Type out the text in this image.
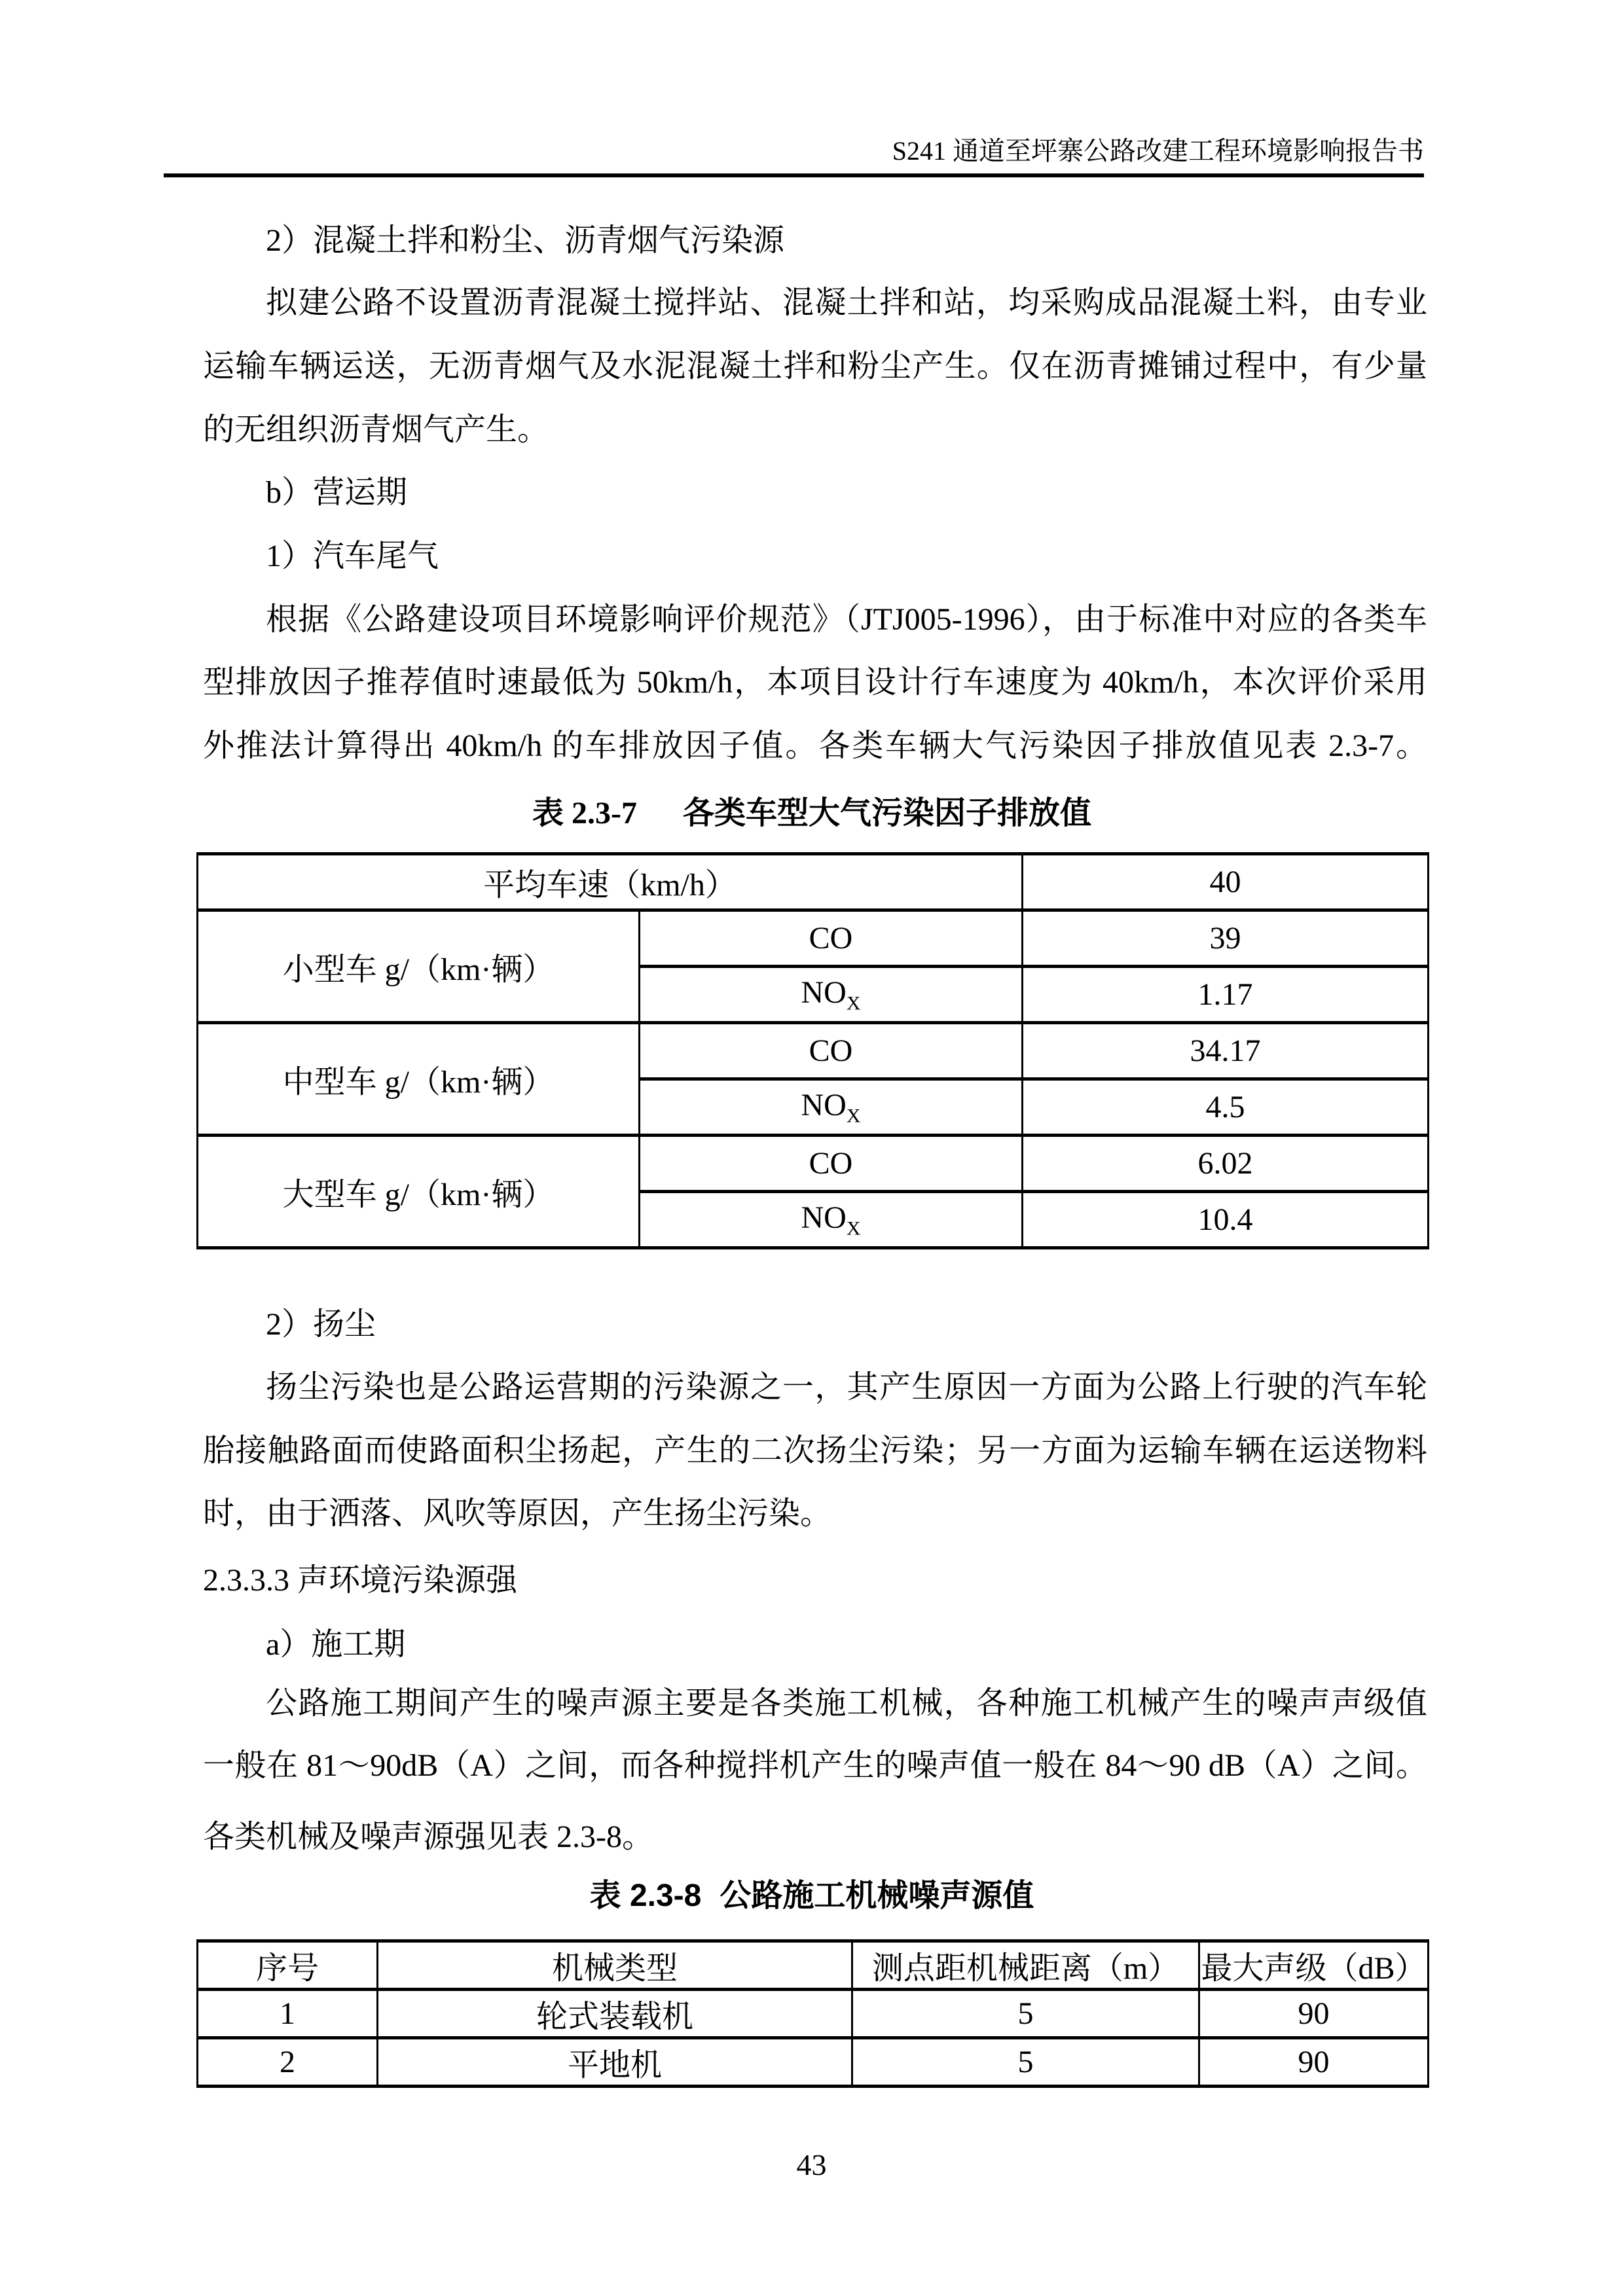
S241 通道至坪寨公路改建工程环境影响报告书
2）混凝土拌和粉尘、沥青烟气污染源
拟建公路不设置沥青混凝土搅拌站、混凝土拌和站，均采购成品混凝土料，由专业
运输车辆运送，无沥青烟气及水泥混凝土拌和粉尘产生。仅在沥青摊铺过程中，有少量
的无组织沥青烟气产生。
b）营运期
1）汽车尾气
根据《公路建设项目环境影响评价规范》（JTJ005-1996），由于标准中对应的各类车
型排放因子推荐值时速最低为 50km/h，本项目设计行车速度为 40km/h，本次评价采用
外推法计算得出 40km/h 的车排放因子值。各类车辆大气污染因子排放值见表 2.3-7。
表 2.3-7 各类车型大气污染因子排放值
平均车速（km/h）		40
小型车 g/（km·辆）	CO	39
	$NO_X$	1.17
中型车 g/（km·辆）	CO	34.17
	$NO_X$	4.5
大型车 g/（km·辆）	CO	6.02
	$NO_X$	10.4
2）扬尘
扬尘污染也是公路运营期的污染源之一，其产生原因一方面为公路上行驶的汽车轮
胎接触路面而使路面积尘扬起，产生的二次扬尘污染；另一方面为运输车辆在运送物料
时，由于洒落、风吹等原因，产生扬尘污染。
2.3.3.3 声环境污染源强
a）施工期
公路施工期间产生的噪声源主要是各类施工机械，各种施工机械产生的噪声声级值
一般在 81～90dB（A）之间，而各种搅拌机产生的噪声值一般在 84～90 dB（A）之间。
各类机械及噪声源强见表 2.3-8。
表 2.3-8 公路施工机械噪声源值
序号	机械类型	测点距机械距离（m）	最大声级（dB）
1	轮式装载机	5	90
2	平地机	5	90
43
